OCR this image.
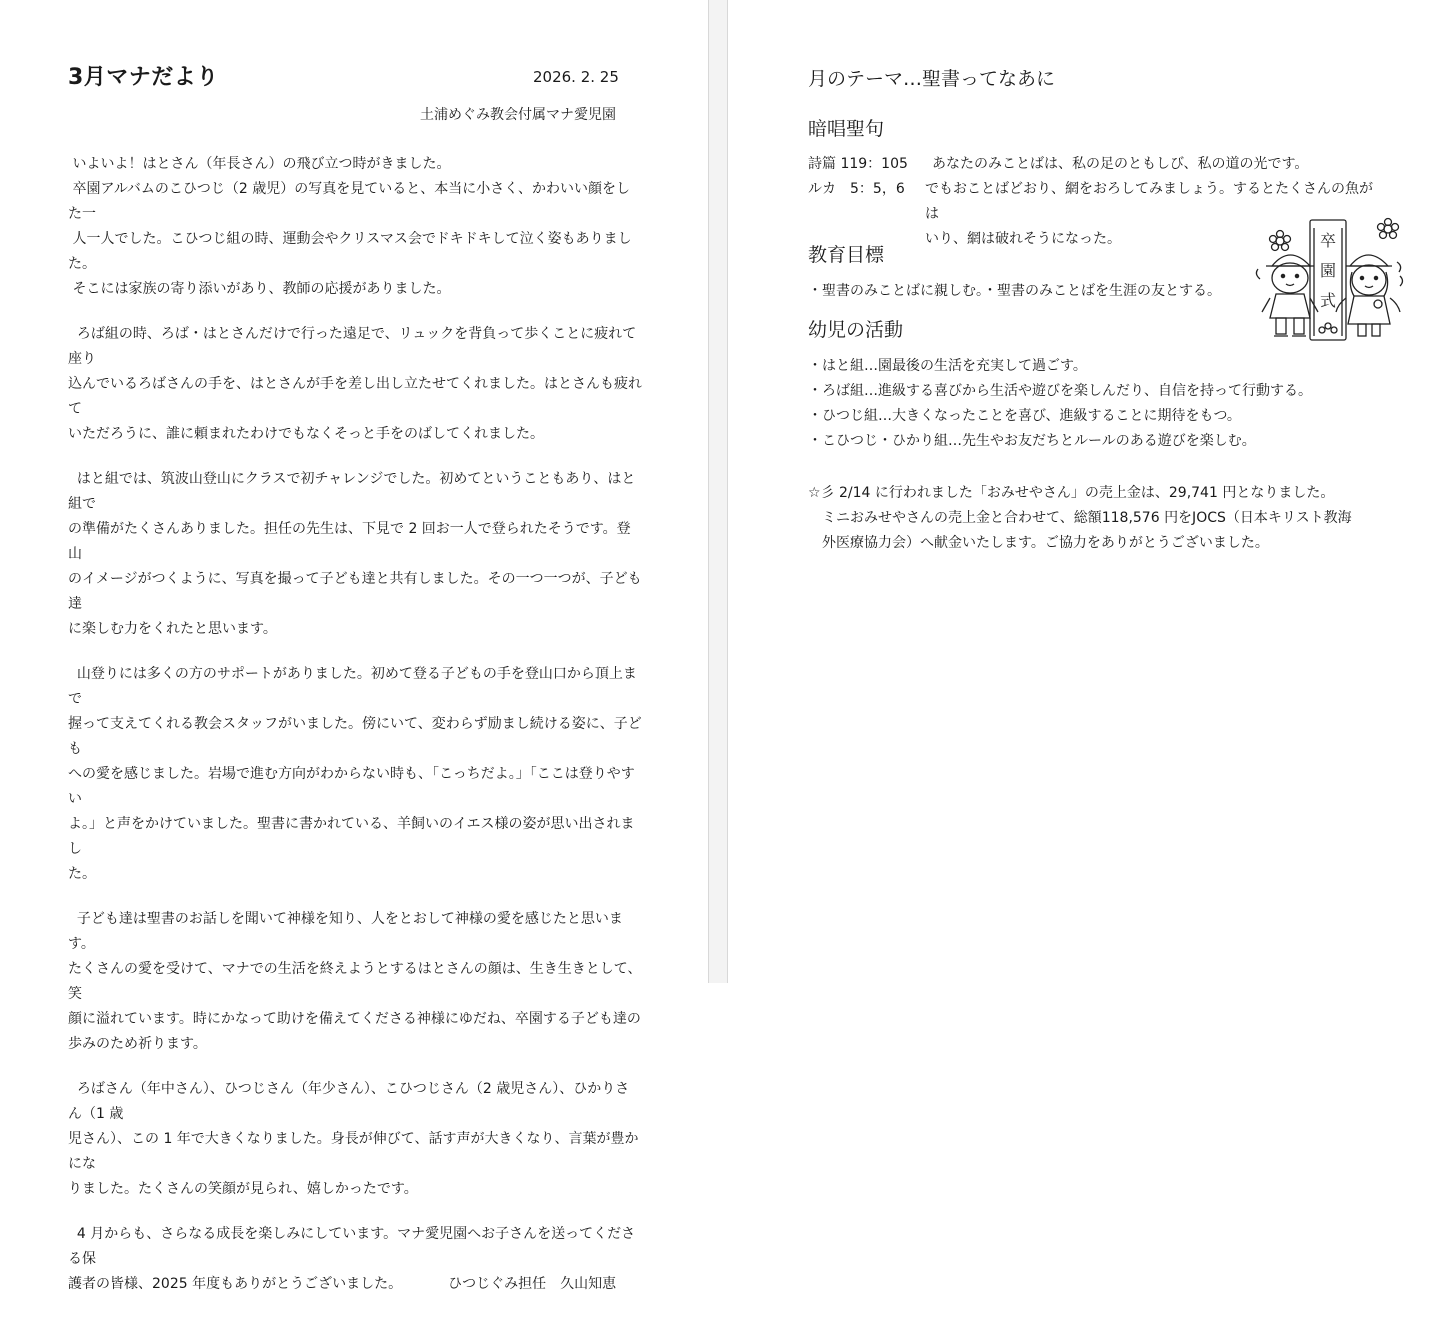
3月マナだより	2026. 2. 25
土浦めぐみ教会付属マナ愛児園

いよいよ！はとさん（年長さん）の飛び立つ時がきました。
卒園アルバムのこひつじ（2 歳児）の写真を見ていると、本当に小さく、かわいい顔をした一
人一人でした。こひつじ組の時、運動会やクリスマス会でドキドキして泣く姿もありました。
そこには家族の寄り添いがあり、教師の応援がありました。

ろば組の時、ろば・はとさんだけで行った遠足で、リュックを背負って歩くことに疲れて座り
込んでいるろばさんの手を、はとさんが手を差し出し立たせてくれました。はとさんも疲れて
いただろうに、誰に頼まれたわけでもなくそっと手をのばしてくれました。

はと組では、筑波山登山にクラスで初チャレンジでした。初めてということもあり、はと組で
の準備がたくさんありました。担任の先生は、下見で 2 回お一人で登られたそうです。登山
のイメージがつくように、写真を撮って子ども達と共有しました。その一つ一つが、子ども達
に楽しむ力をくれたと思います。

山登りには多くの方のサポートがありました。初めて登る子どもの手を登山口から頂上まで
握って支えてくれる教会スタッフがいました。傍にいて、変わらず励まし続ける姿に、子ども
への愛を感じました。岩場で進む方向がわからない時も、「こっちだよ。」「ここは登りやすい
よ。」と声をかけていました。聖書に書かれている、羊飼いのイエス様の姿が思い出されまし
た。

子ども達は聖書のお話しを聞いて神様を知り、人をとおして神様の愛を感じたと思います。
たくさんの愛を受けて、マナでの生活を終えようとするはとさんの顔は、生き生きとして、笑
顔に溢れています。時にかなって助けを備えてくださる神様にゆだね、卒園する子ども達の
歩みのため祈ります。

ろばさん（年中さん）、ひつじさん（年少さん）、こひつじさん（2 歳児さん）、ひかりさん（1 歳
児さん）、この 1 年で大きくなりました。身長が伸びて、話す声が大きくなり、言葉が豊かにな
りました。たくさんの笑顔が見られ、嬉しかったです。

4 月からも、さらなる成長を楽しみにしています。マナ愛児園へお子さんを送ってくださる保
護者の皆様、2025 年度もありがとうございました。	ひつじぐみ担任　久山知恵

月のテーマ…聖書ってなあに
暗唱聖句
詩篇 119：105 あなたのみことばは、私の足のともしび、私の道の光です。
ルカ　5：5，6 でもおことばどおり、網をおろしてみましょう。するとたくさんの魚がは
いり、網は破れそうになった。
教育目標
・聖書のみことばに親しむ。・聖書のみことばを生涯の友とする。
幼児の活動
・はと組…園最後の生活を充実して過ごす。
・ろば組…進級する喜びから生活や遊びを楽しんだり、自信を持って行動する。
・ひつじ組…大きくなったことを喜び、進級することに期待をもつ。
・こひつじ・ひかり組…先生やお友だちとルールのある遊びを楽しむ。
☆彡 2/14 に行われました「おみせやさん」の売上金は、29,741 円となりました。
ミニおみせやさんの売上金と合わせて、総額118,576 円をJOCS（日本キリスト教海
外医療協力会）へ献金いたします。ご協力をありがとうございました。
卒
園
式
